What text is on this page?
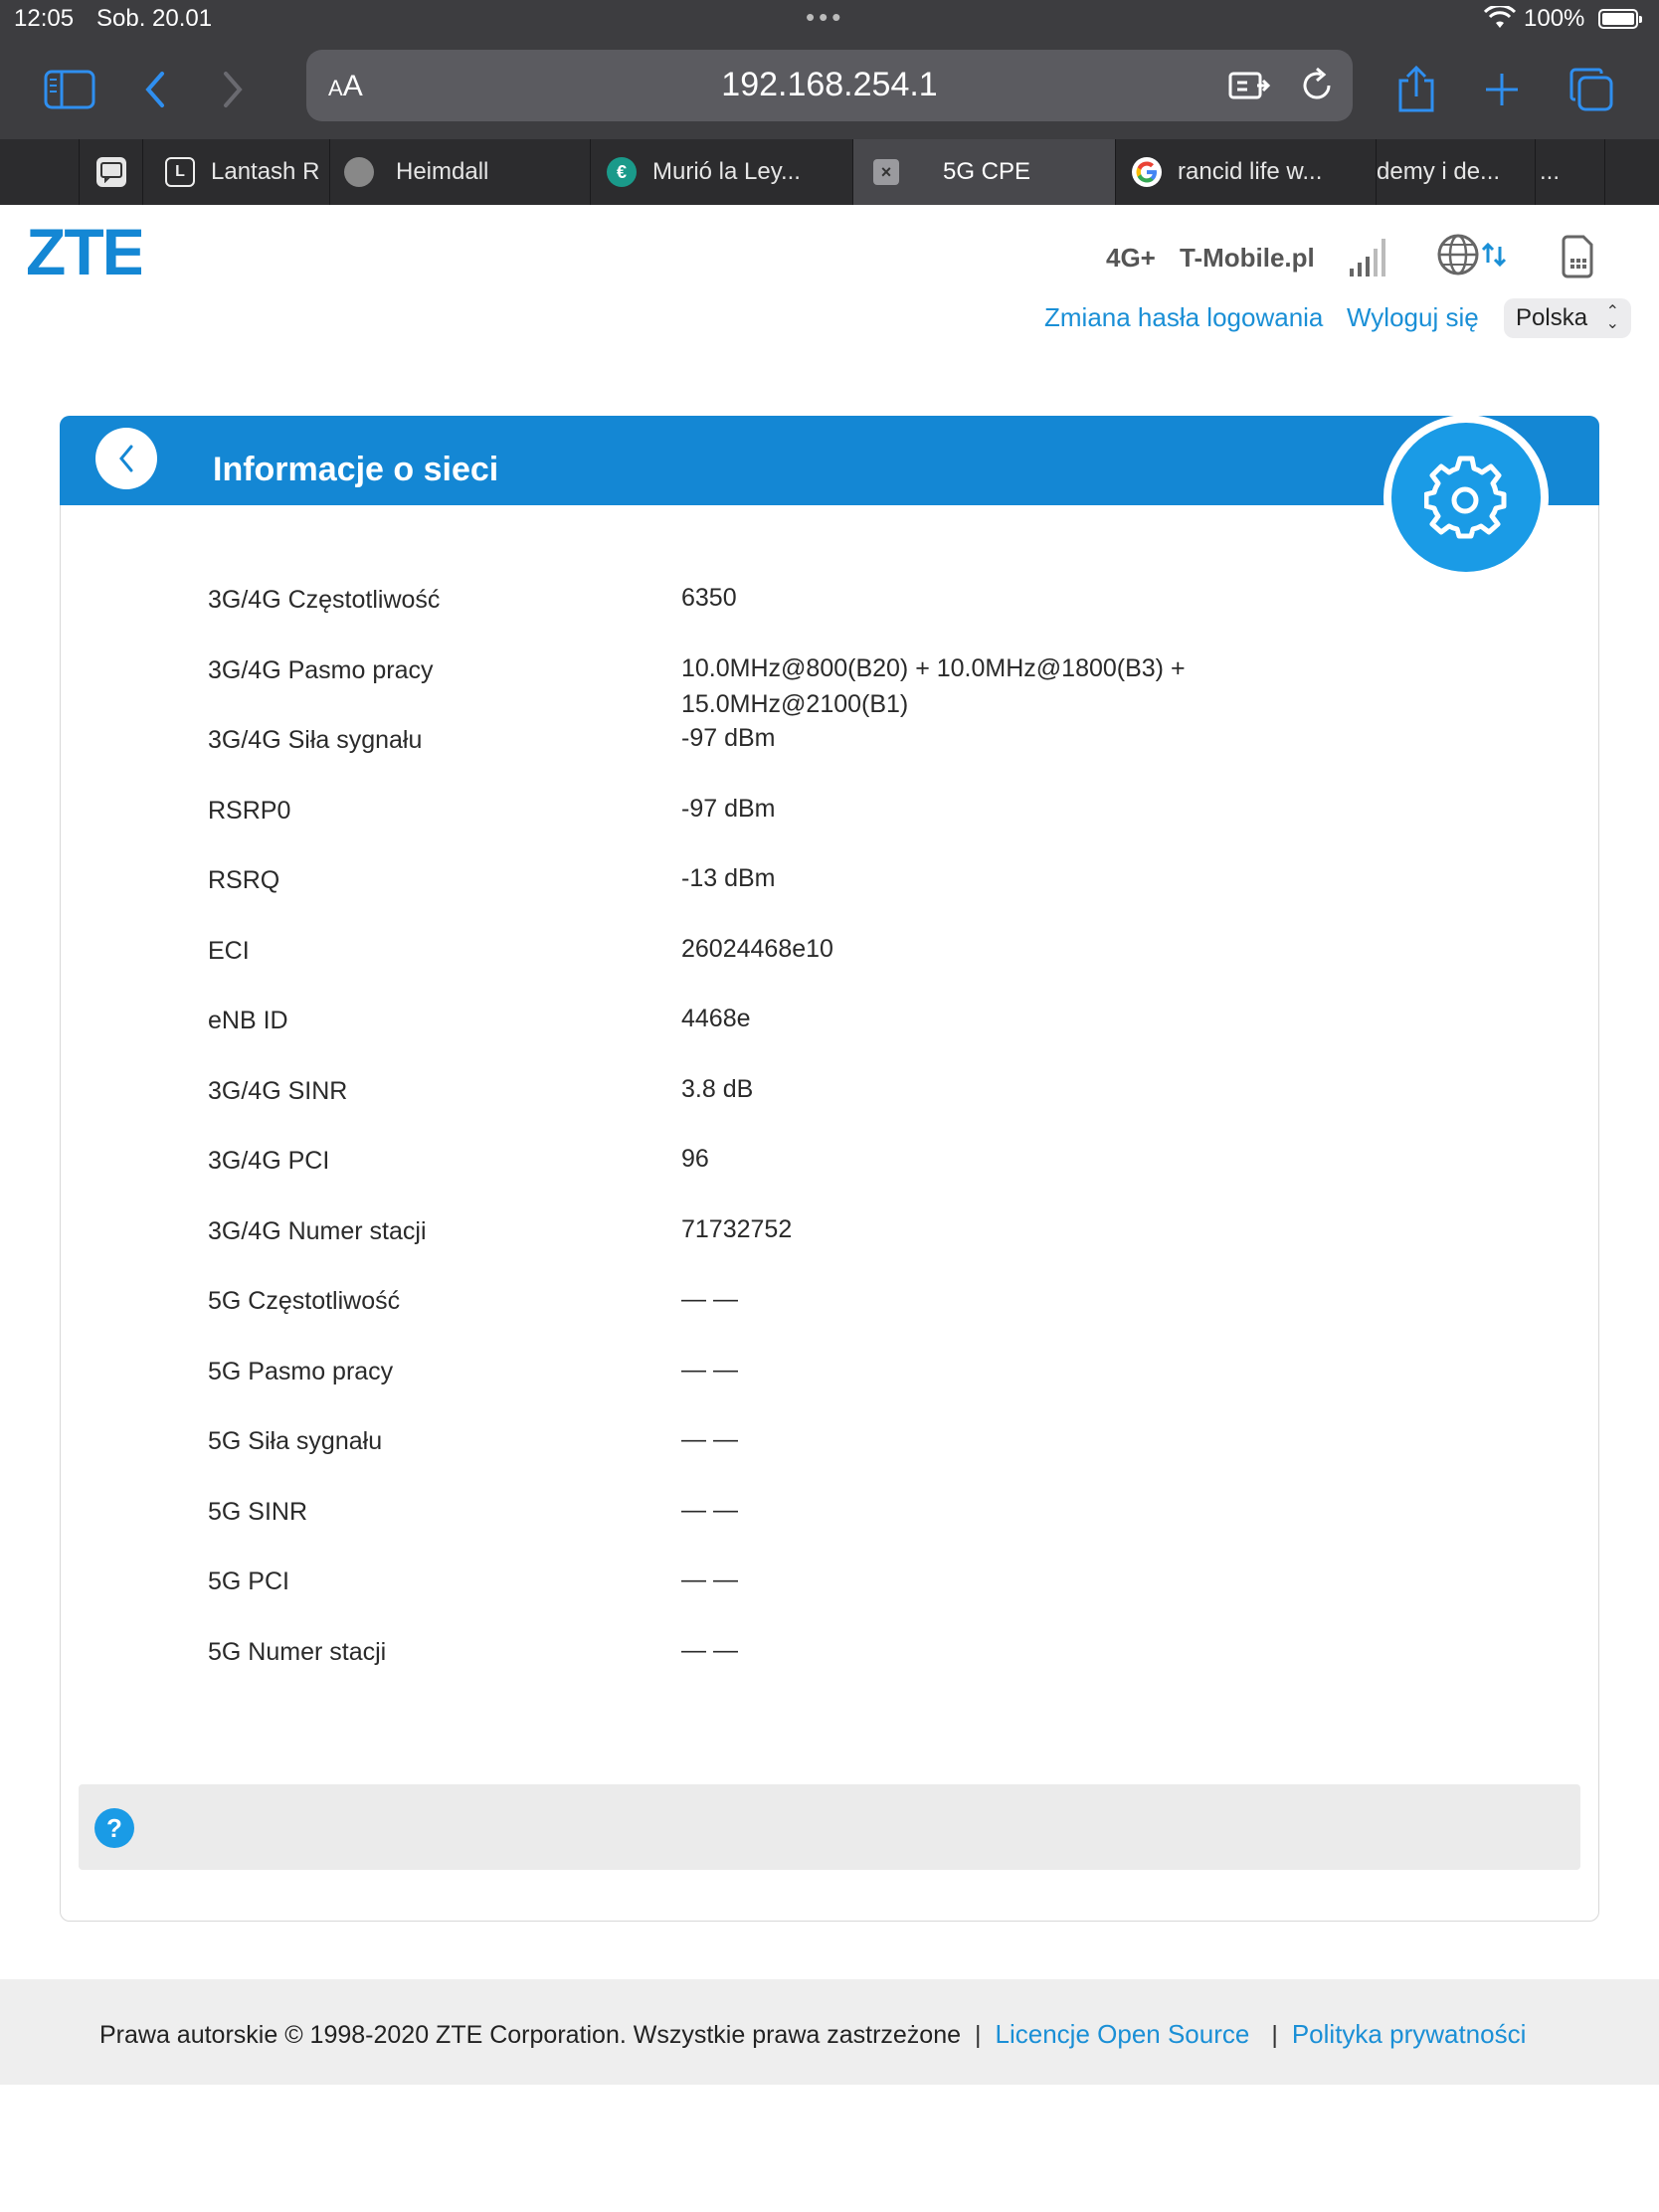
12:05 Sob. 20.01	•••	100%
AA	192.168.254.1
L	Lantash R	Heimdall	€	Murió la Ley...	×	5G CPE	rancid life w... demy i de... ...
ZTE	4G+ T-Mobile.pl
Zmiana hasła logowania Wyloguj się Polska ⌃
⌄
Informacje o sieci
3G/4G Częstotliwość	6350
3G/4G Pasmo pracy	10.0MHz@800(B20) + 10.0MHz@1800(B3) + 15.0MHz@2100(B1)
3G/4G Siła sygnału	-97 dBm
RSRP0	-97 dBm
RSRQ	-13 dBm
ECI	26024468e10
eNB ID	4468e
3G/4G SINR	3.8 dB
3G/4G PCI	96
3G/4G Numer stacji	71732752
5G Częstotliwość	— —
5G Pasmo pracy	— —
5G Siła sygnału	— —
5G SINR	— —
5G PCI	— —
5G Numer stacji	— —
?
Prawa autorskie © 1998-2020 ZTE Corporation. Wszystkie prawa zastrzeżone | Licencje Open Source | Polityka prywatności
